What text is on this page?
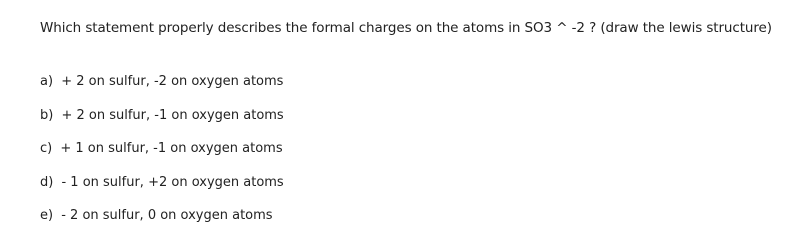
Which statement properly describes the formal charges on the atoms in SO3 ^ -2 ? (draw the lewis structure)
a) + 2 on sulfur, -2 on oxygen atoms
b) + 2 on sulfur, -1 on oxygen atoms
c) + 1 on sulfur, -1 on oxygen atoms
d) - 1 on sulfur, +2 on oxygen atoms
e) - 2 on sulfur, 0 on oxygen atoms
